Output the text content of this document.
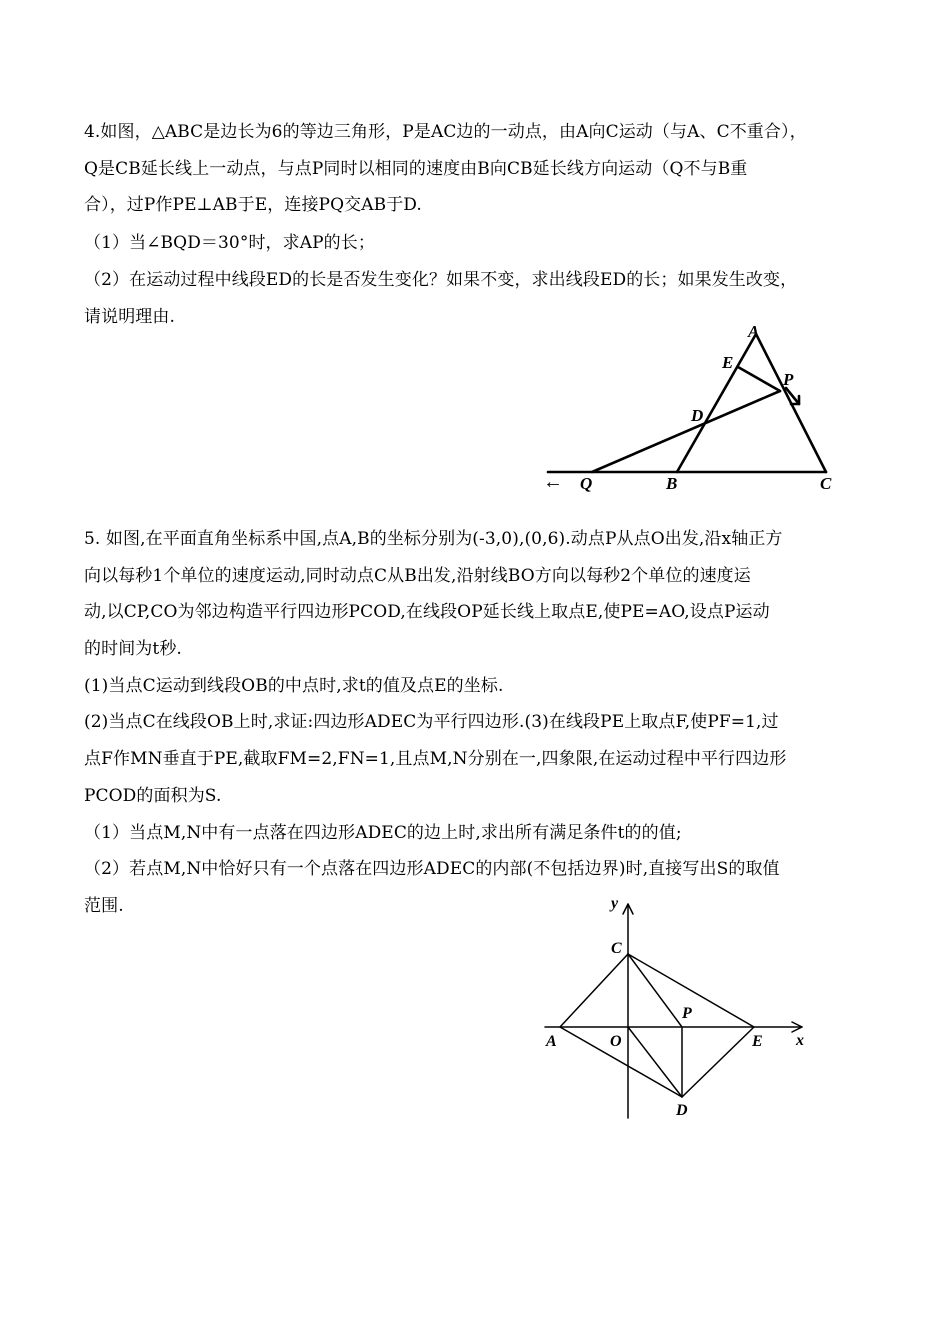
4.如图，△ABC是边长为6的等边三角形，P是AC边的一动点，由A向C运动（与A、C不重合），
Q是CB延长线上一动点，与点P同时以相同的速度由B向CB延长线方向运动（Q不与B重
合），过P作PE⊥AB于E，连接PQ交AB于D.
（1）当∠BQD＝30°时，求AP的长；
（2）在运动过程中线段ED的长是否发生变化？如果不变，求出线段ED的长；如果发生改变，
请说明理由.
A
E
P
D
← Q	B	C
5. 如图,在平面直角坐标系中国,点A,B的坐标分别为(-3,0),(0,6).动点P从点O出发,沿x轴正方
向以每秒1个单位的速度运动,同时动点C从B出发,沿射线BO方向以每秒2个单位的速度运
动,以CP,CO为邻边构造平行四边形PCOD,在线段OP延长线上取点E,使PE=AO,设点P运动
的时间为t秒.
(1)当点C运动到线段OB的中点时,求t的值及点E的坐标.
(2)当点C在线段OB上时,求证:四边形ADEC为平行四边形.(3)在线段PE上取点F,使PF=1,过
点F作MN垂直于PE,截取FM=2,FN=1,且点M,N分别在一,四象限,在运动过程中平行四边形
PCOD的面积为S.
（1）当点M,N中有一点落在四边形ADEC的边上时,求出所有满足条件t的的值;
（2）若点M,N中恰好只有一个点落在四边形ADEC的内部(不包括边界)时,直接写出S的取值
范围.	y
x
C
P
A	O	E
D
